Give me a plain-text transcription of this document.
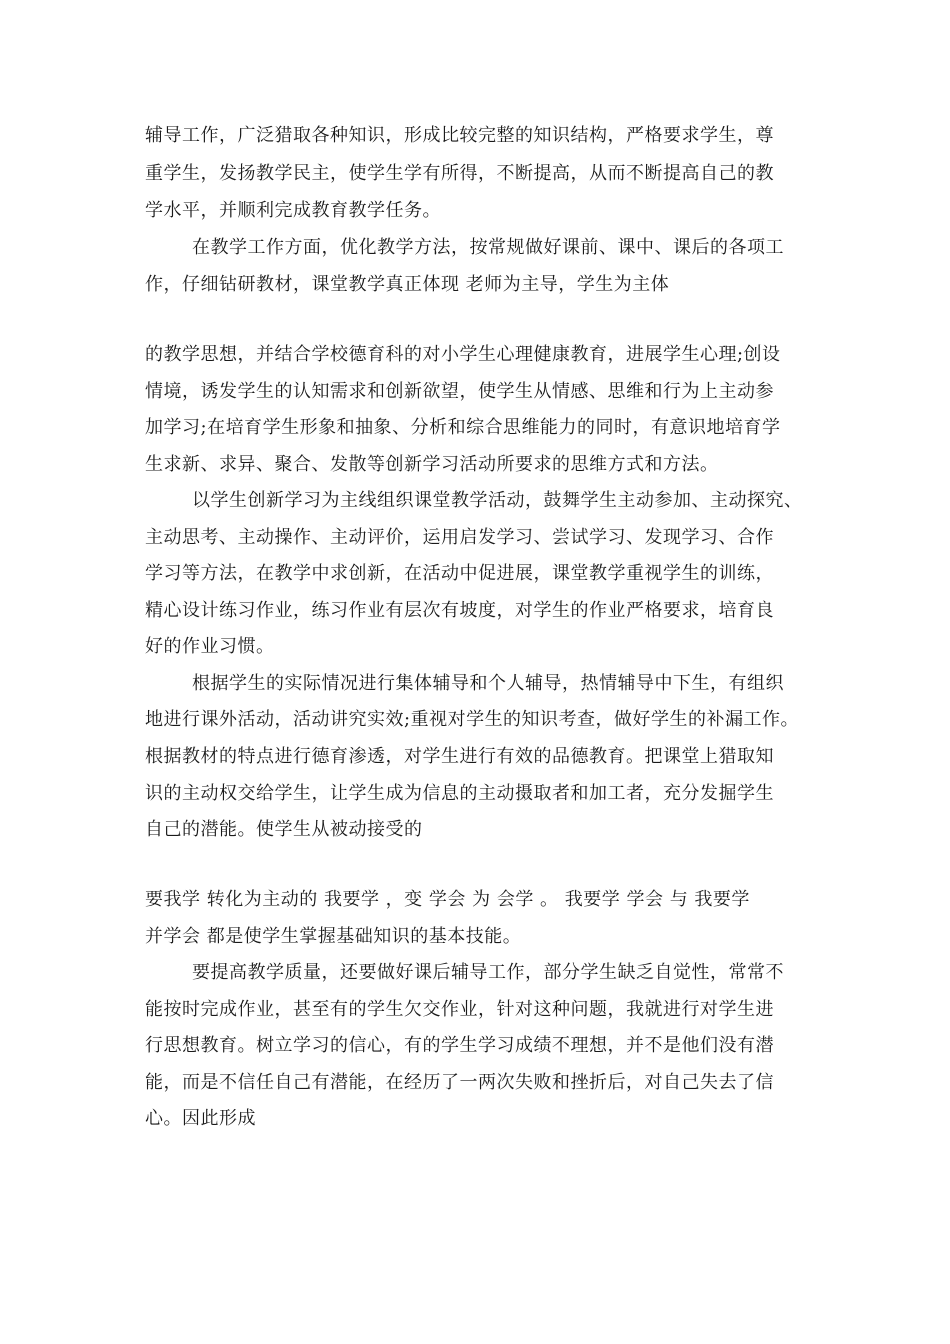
辅导工作，广泛猎取各种知识，形成比较完整的知识结构，严格要求学生，尊
重学生，发扬教学民主，使学生学有所得，不断提高，从而不断提高自己的教
学水平，并顺利完成教育教学任务。
在教学工作方面，优化教学方法，按常规做好课前、课中、课后的各项工
作，仔细钻研教材，课堂教学真正体现 老师为主导，学生为主体
的教学思想，并结合学校德育科的对小学生心理健康教育，进展学生心理;创设
情境，诱发学生的认知需求和创新欲望，使学生从情感、思维和行为上主动参
加学习;在培育学生形象和抽象、分析和综合思维能力的同时，有意识地培育学
生求新、求异、聚合、发散等创新学习活动所要求的思维方式和方法。
以学生创新学习为主线组织课堂教学活动，鼓舞学生主动参加、主动探究、
主动思考、主动操作、主动评价，运用启发学习、尝试学习、发现学习、合作
学习等方法，在教学中求创新，在活动中促进展，课堂教学重视学生的训练，
精心设计练习作业，练习作业有层次有坡度，对学生的作业严格要求，培育良
好的作业习惯。
根据学生的实际情况进行集体辅导和个人辅导，热情辅导中下生，有组织
地进行课外活动，活动讲究实效;重视对学生的知识考查，做好学生的补漏工作。
根据教材的特点进行德育渗透，对学生进行有效的品德教育。把课堂上猎取知
识的主动权交给学生，让学生成为信息的主动摄取者和加工者，充分发掘学生
自己的潜能。使学生从被动接受的
要我学 转化为主动的 我要学 ，变 学会 为 会学 。 我要学 学会 与 我要学
并学会 都是使学生掌握基础知识的基本技能。
要提高教学质量，还要做好课后辅导工作，部分学生缺乏自觉性，常常不
能按时完成作业，甚至有的学生欠交作业，针对这种问题，我就进行对学生进
行思想教育。树立学习的信心，有的学生学习成绩不理想，并不是他们没有潜
能，而是不信任自己有潜能，在经历了一两次失败和挫折后，对自己失去了信
心。因此形成
